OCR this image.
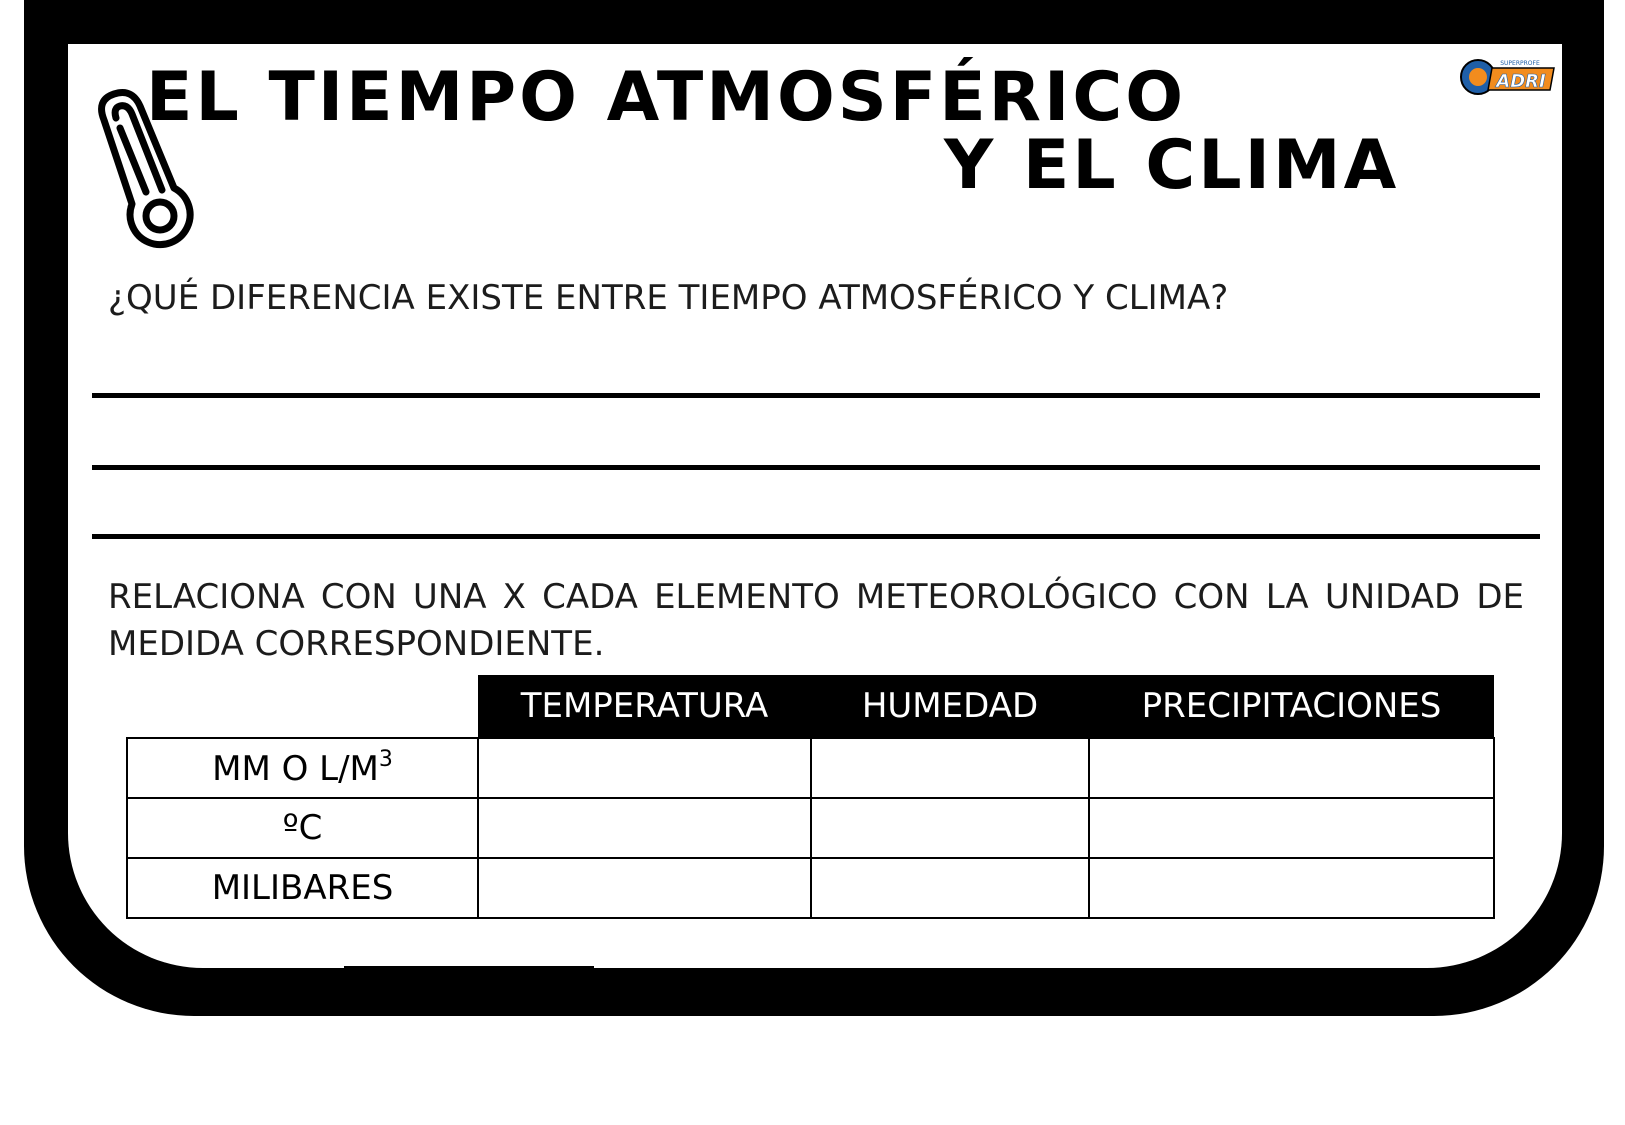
EL TIEMPO ATMOSFÉRICO
Y EL CLIMA
SUPERPROFE
ADRI

¿QUÉ DIFERENCIA EXISTE ENTRE TIEMPO ATMOSFÉRICO Y CLIMA?

RELACIONA CON UNA X CADA ELEMENTO METEOROLÓGICO CON LA UNIDAD DE MEDIDA CORRESPONDIENTE.

	TEMPERATURA	HUMEDAD	PRECIPITACIONES
MM O $L/M^3$			
ºC			
MILIBARES			
